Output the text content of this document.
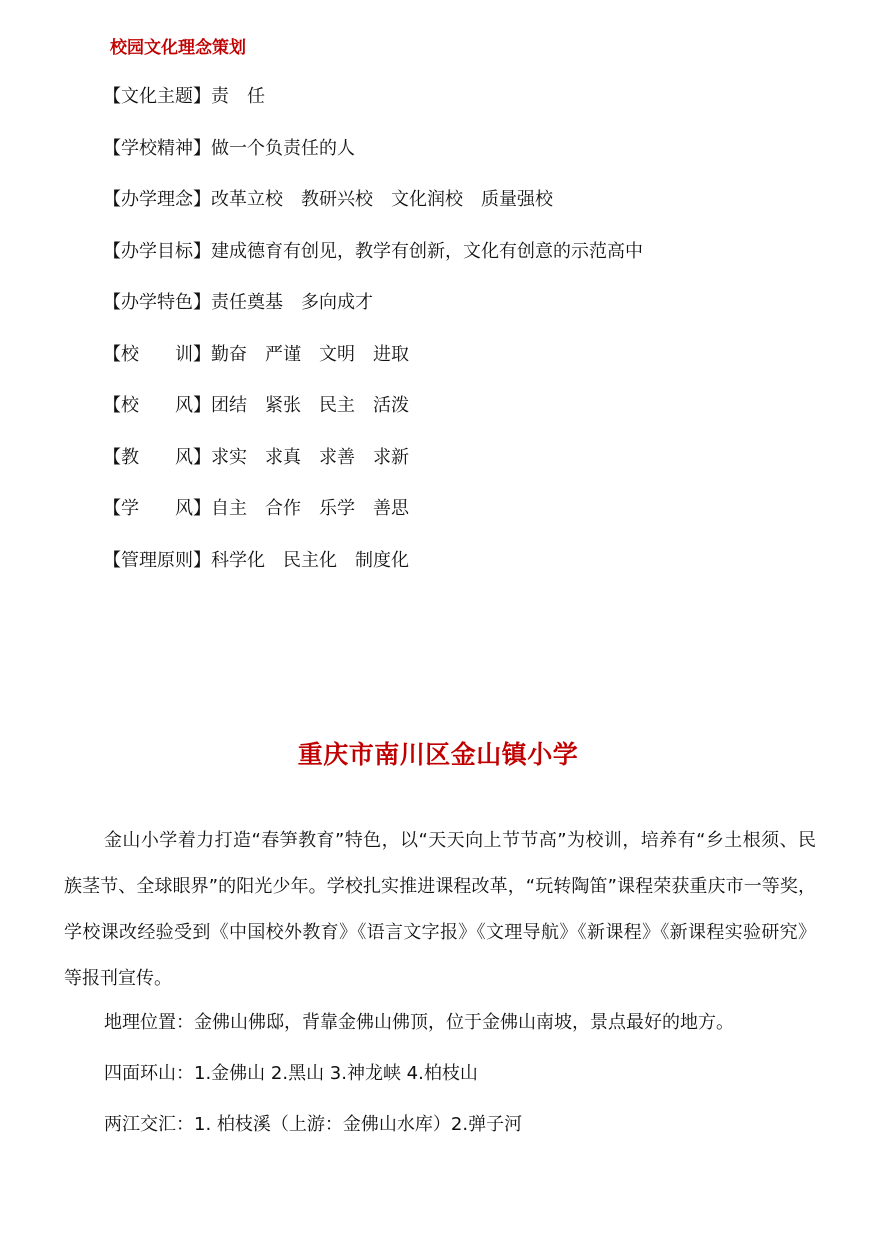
校园文化理念策划
【文化主题】责　任
【学校精神】做一个负责任的人
【办学理念】改革立校　教研兴校　文化润校　质量强校
【办学目标】建成德育有创见，教学有创新，文化有创意的示范高中
【办学特色】责任奠基　多向成才
【校　　训】勤奋　严谨　文明　进取
【校　　风】团结　紧张　民主　活泼
【教　　风】求实　求真　求善　求新
【学　　风】自主　合作　乐学　善思
【管理原则】科学化　民主化　制度化
重庆市南川区金山镇小学

金山小学着力打造“春笋教育”特色，以“天天向上节节高”为校训，培养有“乡土根须、民族茎节、全球眼界”的阳光少年。学校扎实推进课程改革，“玩转陶笛”课程荣获重庆市一等奖，学校课改经验受到《中国校外教育》《语言文字报》《文理导航》《新课程》《新课程实验研究》等报刊宣传。

地理位置：金佛山佛邸，背靠金佛山佛顶，位于金佛山南坡，景点最好的地方。

四面环山：1.金佛山 2.黑山 3.神龙峡 4.柏枝山

两江交汇：1. 柏枝溪（上游：金佛山水库）2.弹子河
